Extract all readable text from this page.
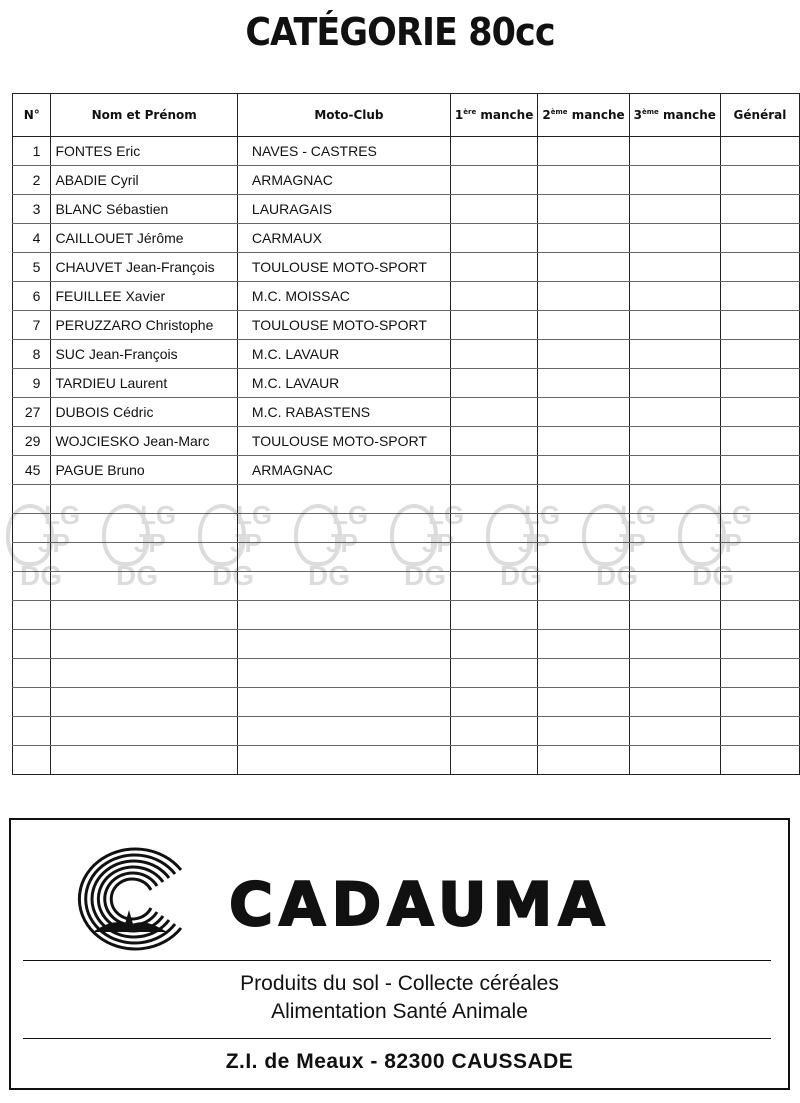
CATÉGORIE 80cc
N°	Nom et Prénom	Moto-Club	1ère manche	2ème manche	3ème manche	Général
1	FONTES Eric	NAVES - CASTRES				
2	ABADIE Cyril	ARMAGNAC				
3	BLANC Sébastien	LAURAGAIS				
4	CAILLOUET Jérôme	CARMAUX				
5	CHAUVET Jean-François	TOULOUSE MOTO-SPORT				
6	FEUILLEE Xavier	M.C. MOISSAC				
7	PERUZZARO Christophe	TOULOUSE MOTO-SPORT				
8	SUC Jean-François	M.C. LAVAUR				
9	TARDIEU Laurent	M.C. LAVAUR				
27	DUBOIS Cédric	M.C. RABASTENS				
29	WOJCIESKO Jean-Marc	TOULOUSE MOTO-SPORT				
45	PAGUE Bruno	ARMAGNAC				

LG
JP
DG
LG
JP
DG
LG
JP
DG
LG
JP
DG
LG
JP
DG
LG
JP
DG
LG
JP
DG
LG
JP
DG
CADAUMA
Produits du sol - Collecte céréales
Alimentation Santé Animale
Z.I. de Meaux - 82300 CAUSSADE
